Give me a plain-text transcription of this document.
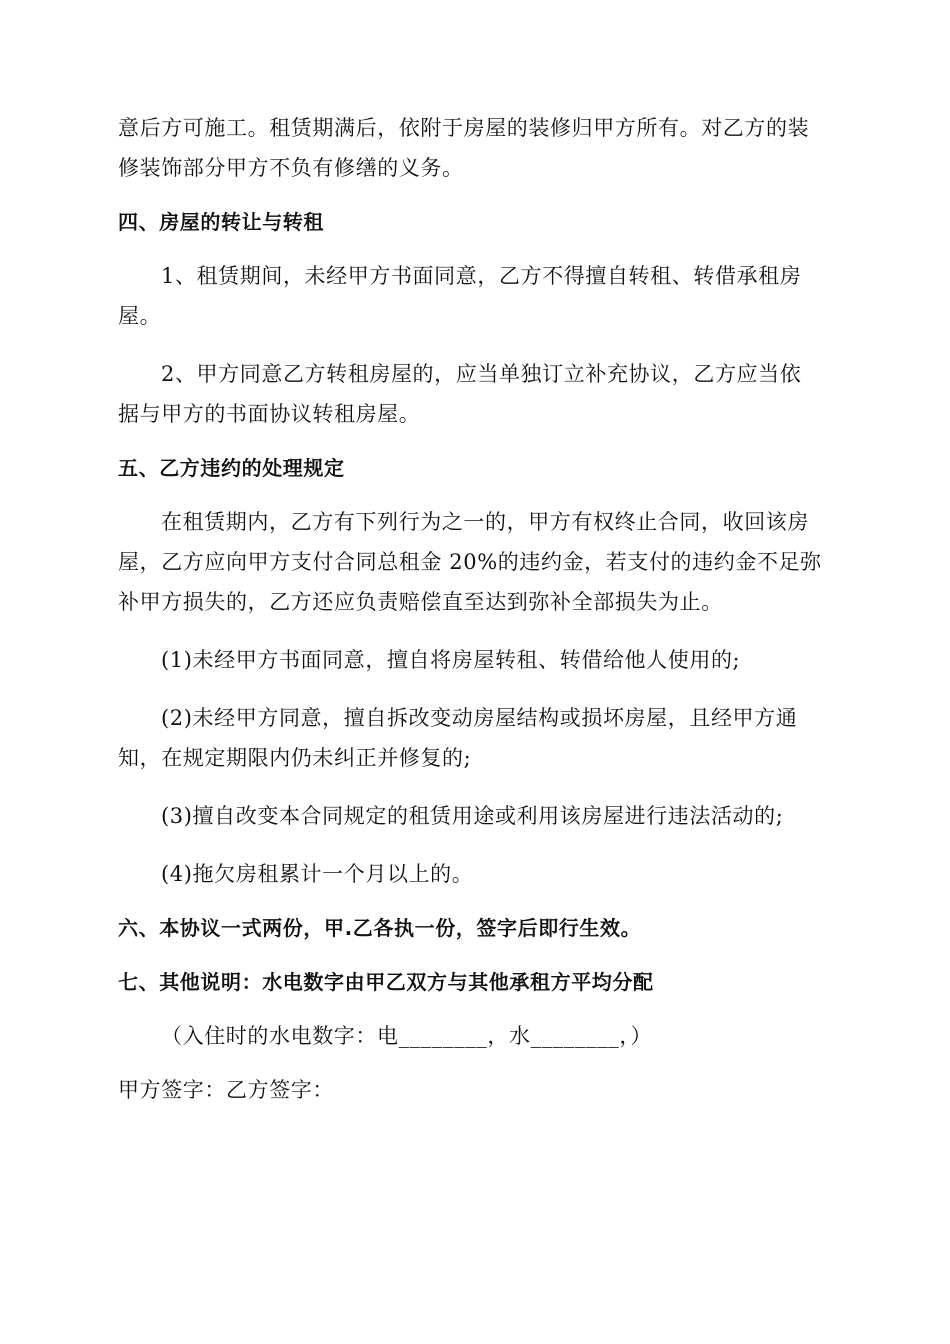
意后方可施工。租赁期满后，依附于房屋的装修归甲方所有。对乙方的装
修装饰部分甲方不负有修缮的义务。
四、房屋的转让与转租
1、租赁期间，未经甲方书面同意，乙方不得擅自转租、转借承租房
屋。
2、甲方同意乙方转租房屋的，应当单独订立补充协议，乙方应当依
据与甲方的书面协议转租房屋。
五、乙方违约的处理规定
在租赁期内，乙方有下列行为之一的，甲方有权终止合同，收回该房
屋，乙方应向甲方支付合同总租金 20%的违约金，若支付的违约金不足弥
补甲方损失的，乙方还应负责赔偿直至达到弥补全部损失为止。
(1)未经甲方书面同意，擅自将房屋转租、转借给他人使用的;
(2)未经甲方同意，擅自拆改变动房屋结构或损坏房屋，且经甲方通
知，在规定期限内仍未纠正并修复的;
(3)擅自改变本合同规定的租赁用途或利用该房屋进行违法活动的;
(4)拖欠房租累计一个月以上的。
六、本协议一式两份，甲.乙各执一份，签字后即行生效。
七、其他说明：水电数字由甲乙双方与其他承租方平均分配
（入住时的水电数字：电________，水________，）
甲方签字：乙方签字：
